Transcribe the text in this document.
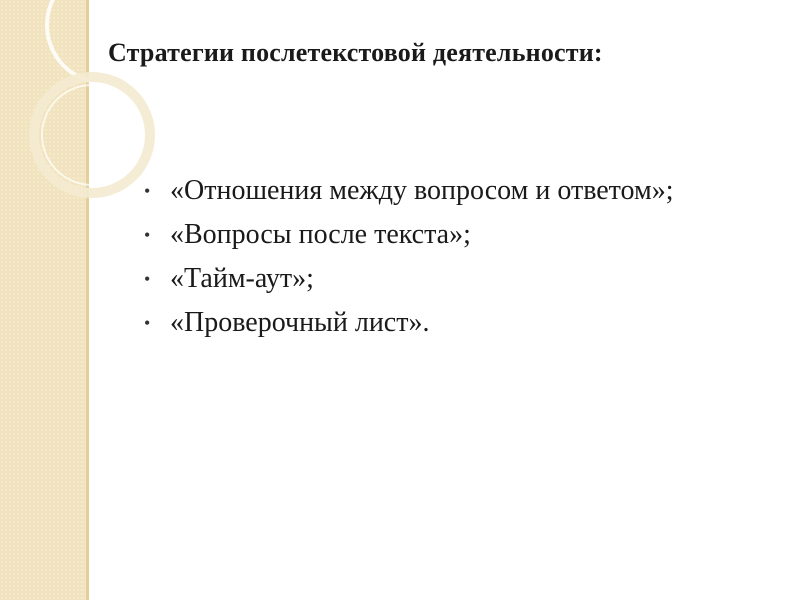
Стратегии послетекстовой деятельности:
• «Отношения между вопросом и ответом»;
• «Вопросы после текста»;
• «Тайм-аут»;
• «Проверочный лист».
